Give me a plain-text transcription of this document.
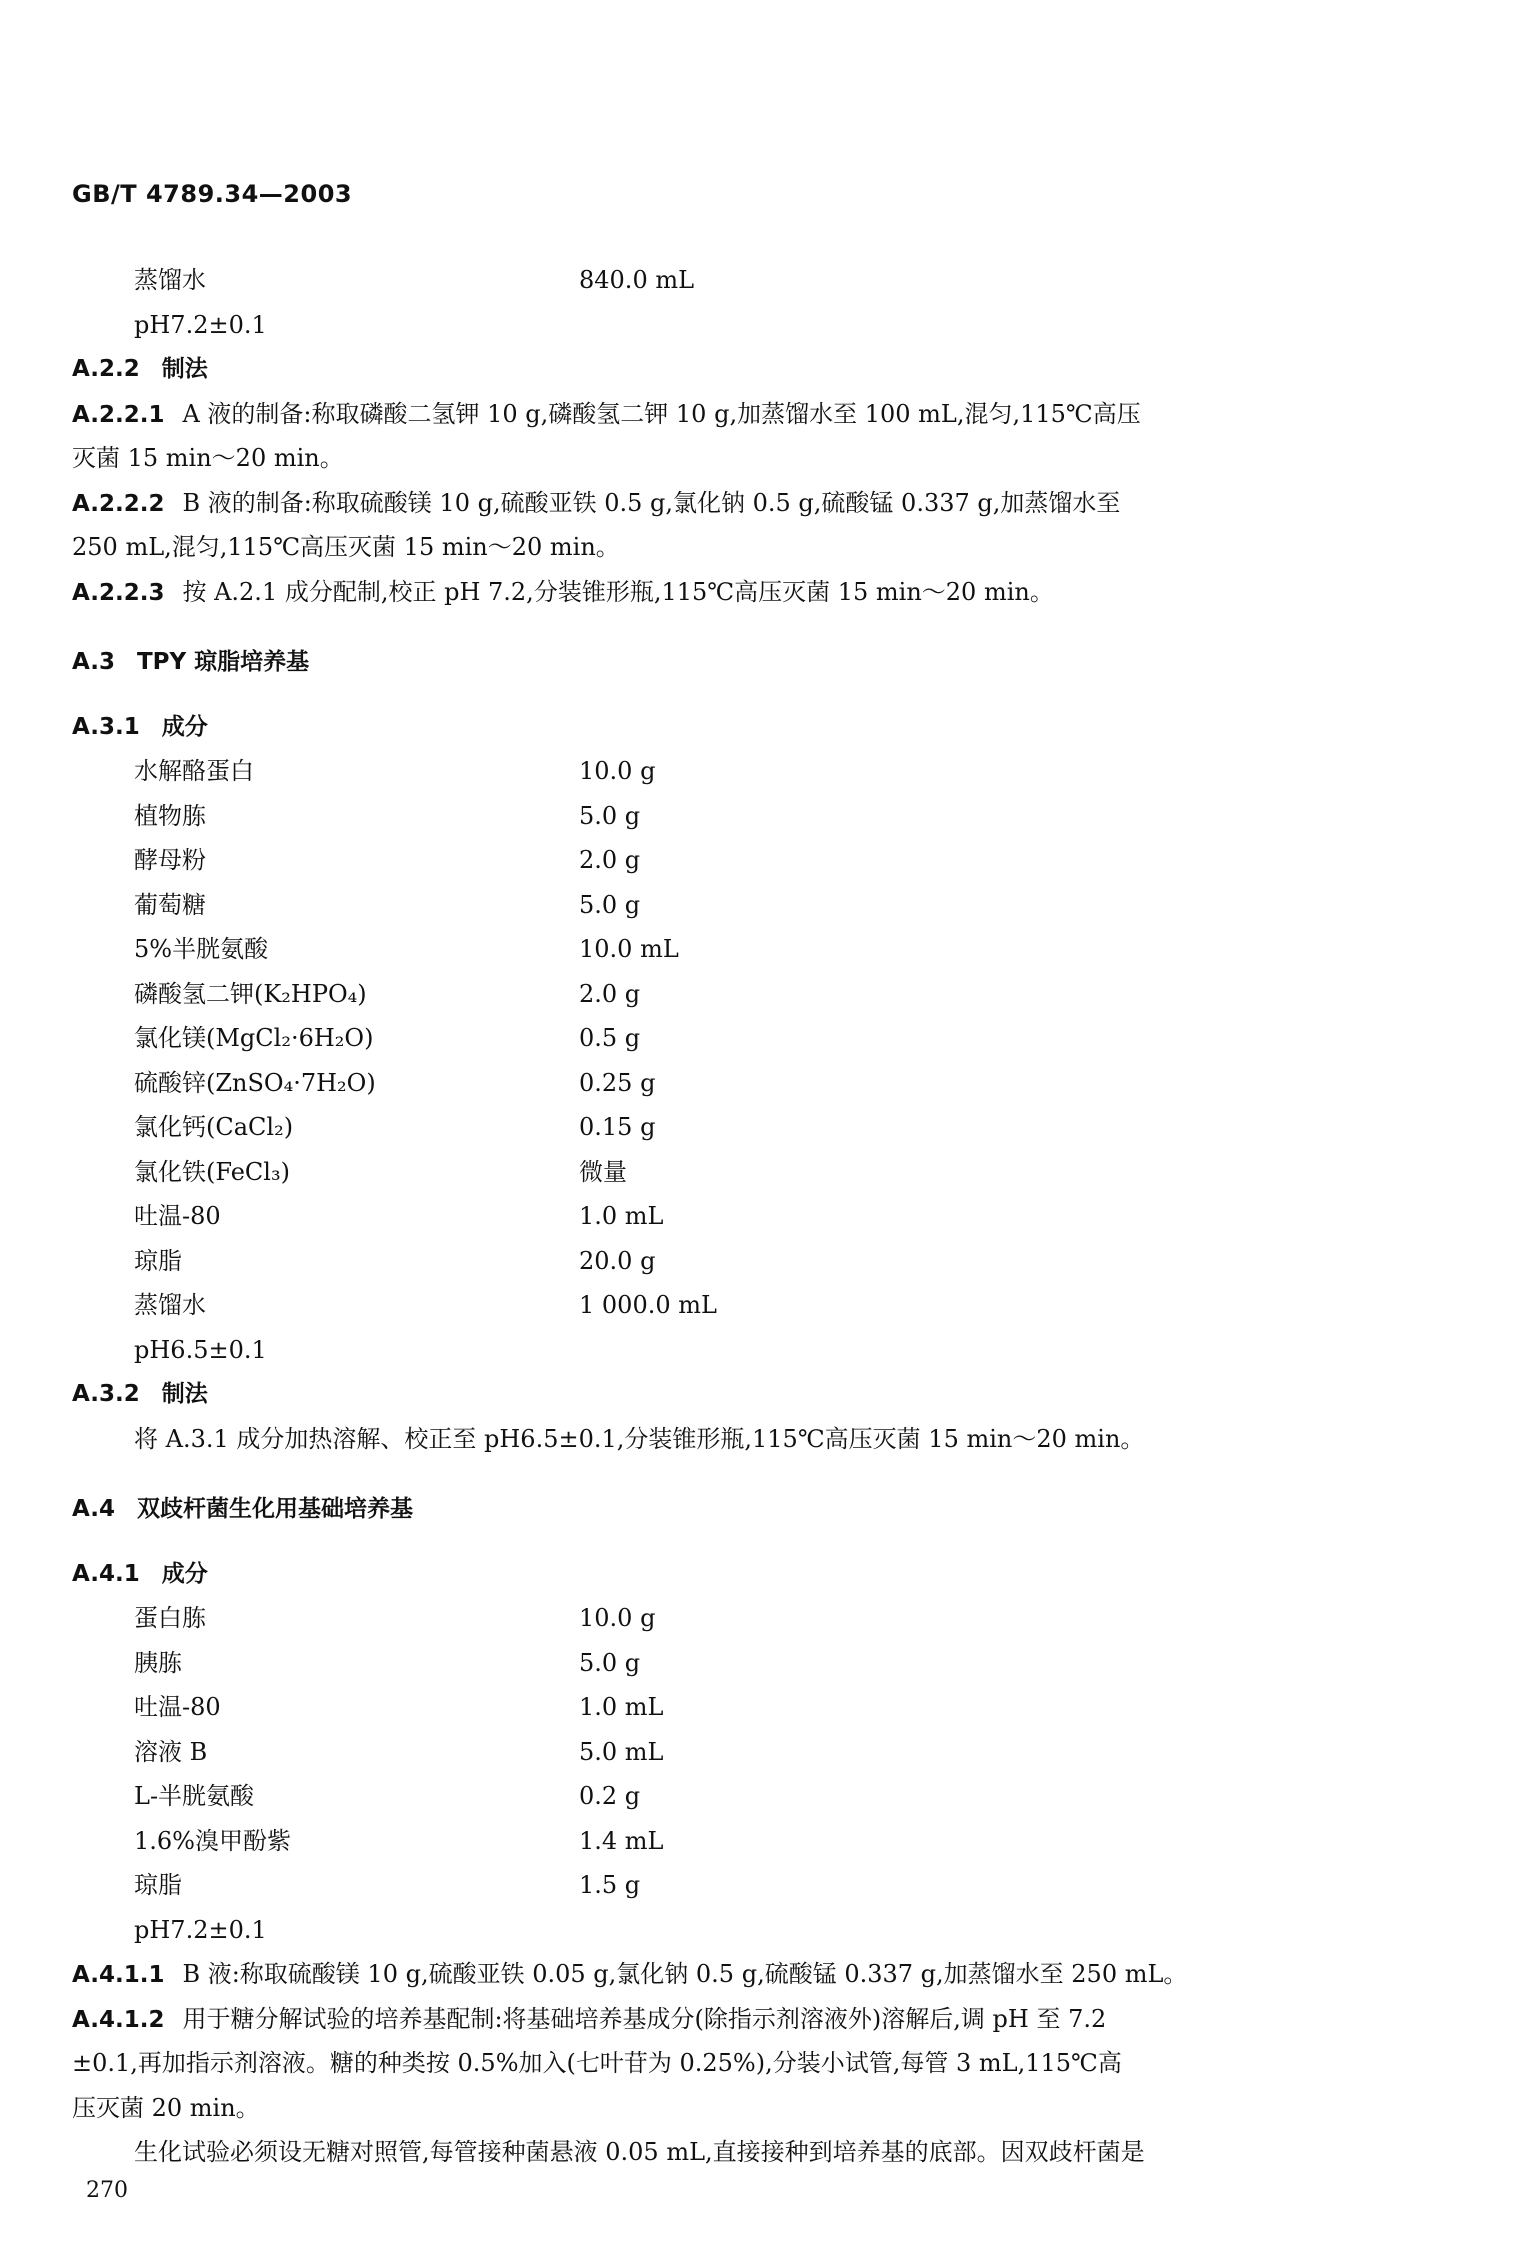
GB/T 4789.34—2003
蒸馏水	840.0 mL
pH7.2±0.1
A.2.2 制法
A.2.2.1 A 液的制备:称取磷酸二氢钾 10 g,磷酸氢二钾 10 g,加蒸馏水至 100 mL,混匀,115℃高压
灭菌 15 min～20 min。
A.2.2.2 B 液的制备:称取硫酸镁 10 g,硫酸亚铁 0.5 g,氯化钠 0.5 g,硫酸锰 0.337 g,加蒸馏水至
250 mL,混匀,115℃高压灭菌 15 min～20 min。
A.2.2.3 按 A.2.1 成分配制,校正 pH 7.2,分装锥形瓶,115℃高压灭菌 15 min～20 min。
A.3 TPY 琼脂培养基
A.3.1 成分
水解酪蛋白	10.0 g
植物胨	5.0 g
酵母粉	2.0 g
葡萄糖	5.0 g
5%半胱氨酸	10.0 mL
磷酸氢二钾(K₂HPO₄)	2.0 g
氯化镁(MgCl₂·6H₂O)	0.5 g
硫酸锌(ZnSO₄·7H₂O)	0.25 g
氯化钙(CaCl₂)	0.15 g
氯化铁(FeCl₃)	微量
吐温-80	1.0 mL
琼脂	20.0 g
蒸馏水	1 000.0 mL
pH6.5±0.1
A.3.2 制法
将 A.3.1 成分加热溶解、校正至 pH6.5±0.1,分装锥形瓶,115℃高压灭菌 15 min～20 min。
A.4 双歧杆菌生化用基础培养基
A.4.1 成分
蛋白胨	10.0 g
胰胨	5.0 g
吐温-80	1.0 mL
溶液 B	5.0 mL
L-半胱氨酸	0.2 g
1.6%溴甲酚紫	1.4 mL
琼脂	1.5 g
pH7.2±0.1
A.4.1.1 B 液:称取硫酸镁 10 g,硫酸亚铁 0.05 g,氯化钠 0.5 g,硫酸锰 0.337 g,加蒸馏水至 250 mL。
A.4.1.2 用于糖分解试验的培养基配制:将基础培养基成分(除指示剂溶液外)溶解后,调 pH 至 7.2
±0.1,再加指示剂溶液。糖的种类按 0.5%加入(七叶苷为 0.25%),分装小试管,每管 3 mL,115℃高
压灭菌 20 min。
生化试验必须设无糖对照管,每管接种菌悬液 0.05 mL,直接接种到培养基的底部。因双歧杆菌是
270
